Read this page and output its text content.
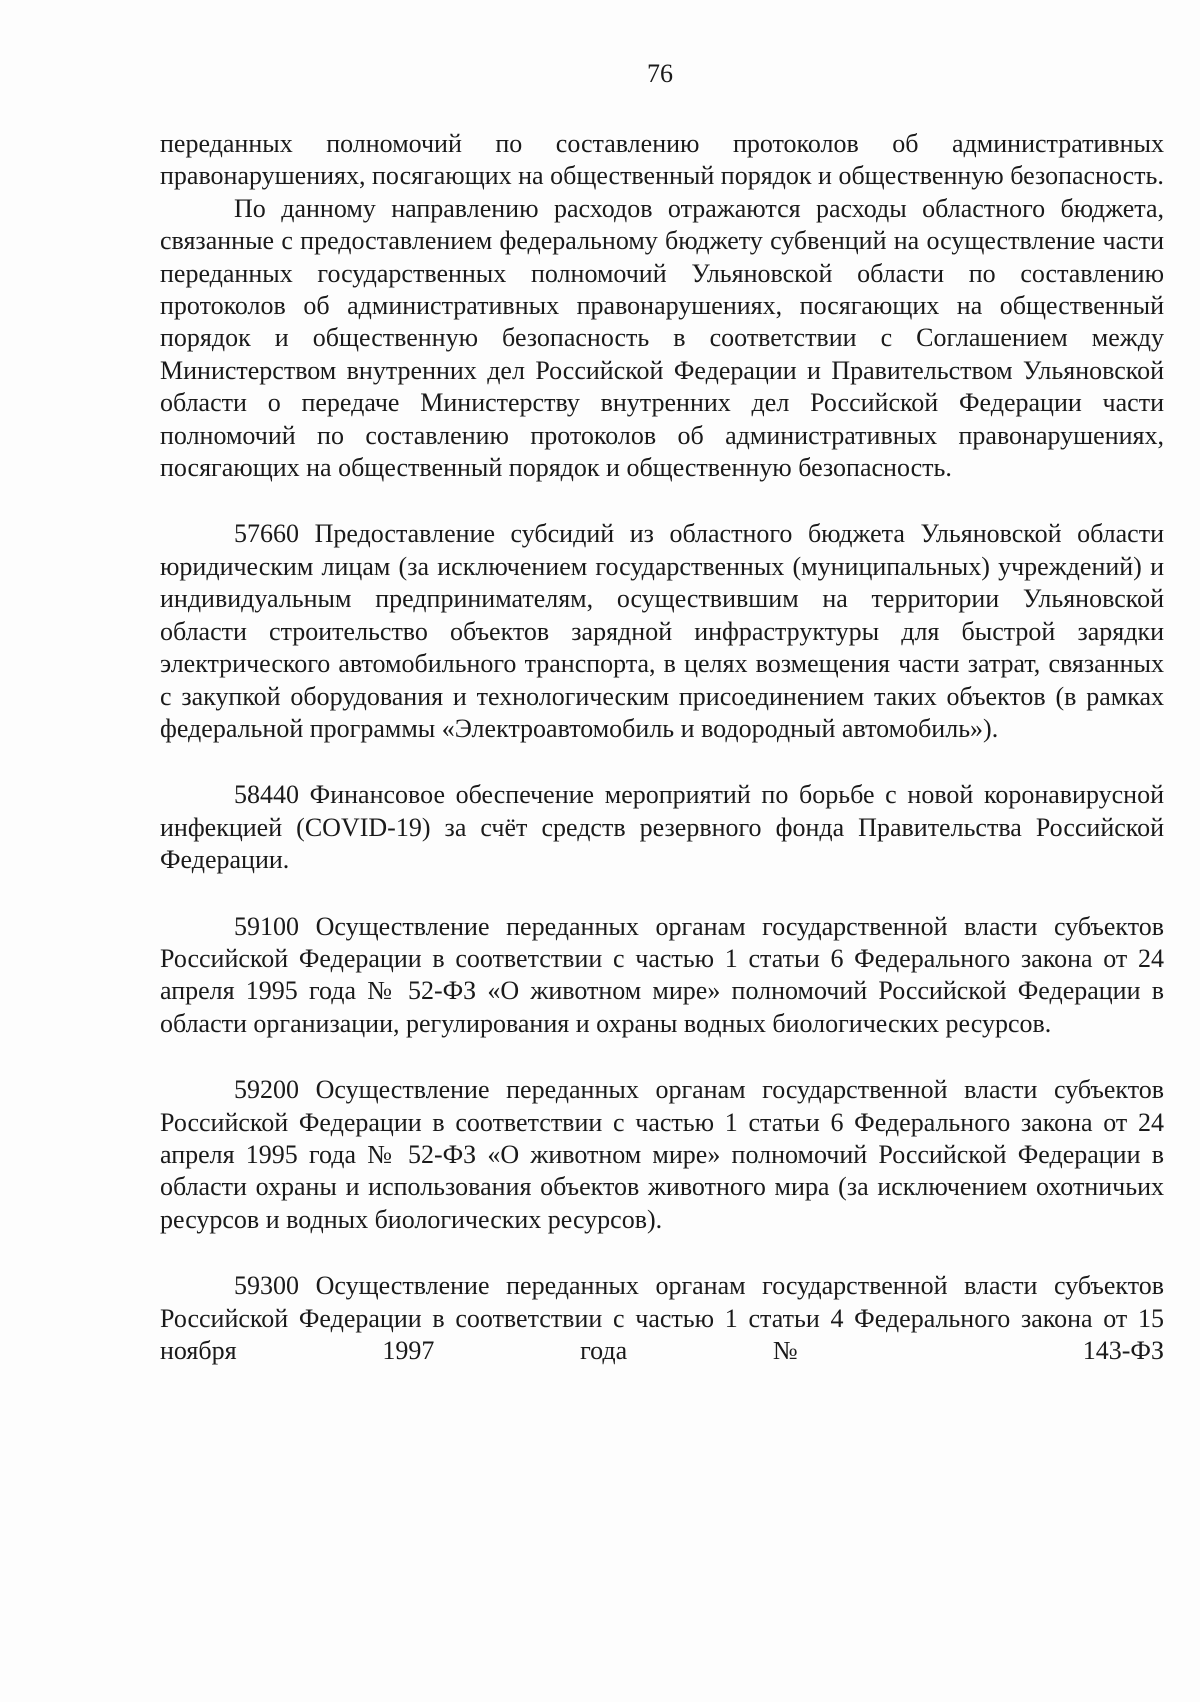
76

переданных полномочий по составлению протоколов об административных правонарушениях, посягающих на общественный порядок и общественную безопасность.

По данному направлению расходов отражаются расходы областного бюджета, связанные с предоставлением федеральному бюджету субвенций на осуществление части переданных государственных полномочий Ульяновской области по составлению протоколов об административных правонарушениях, посягающих на общественный порядок и общественную безопасность в соответствии с Соглашением между Министерством внутренних дел Российской Федерации и Правительством Ульяновской области о передаче Министерству внутренних дел Российской Федерации части полномочий по составлению протоколов об административных правонарушениях, посягающих на общественный порядок и общественную безопасность.

57660 Предоставление субсидий из областного бюджета Ульяновской области юридическим лицам (за исключением государственных (муниципальных) учреждений) и индивидуальным предпринимателям, осуществившим на территории Ульяновской области строительство объектов зарядной инфраструктуры для быстрой зарядки электрического автомобильного транспорта, в целях возмещения части затрат, связанных с закупкой оборудования и технологическим присоединением таких объектов (в рамках федеральной программы «Электроавтомобиль и водородный автомобиль»).

58440 Финансовое обеспечение мероприятий по борьбе с новой коронавирусной инфекцией (COVID-19) за счёт средств резервного фонда Правительства Российской Федерации.

59100 Осуществление переданных органам государственной власти субъектов Российской Федерации в соответствии с частью 1 статьи 6 Федерального закона от 24 апреля 1995 года № 52-ФЗ «О животном мире» полномочий Российской Федерации в области организации, регулирования и охраны водных биологических ресурсов.

59200 Осуществление переданных органам государственной власти субъектов Российской Федерации в соответствии с частью 1 статьи 6 Федерального закона от 24 апреля 1995 года № 52-ФЗ «О животном мире» полномочий Российской Федерации в области охраны и использования объектов животного мира (за исключением охотничьих ресурсов и водных биологических ресурсов).

59300 Осуществление переданных органам государственной власти субъектов Российской Федерации в соответствии с частью 1 статьи 4 Федерального закона от 15 ноября 1997 года № 143-ФЗ
